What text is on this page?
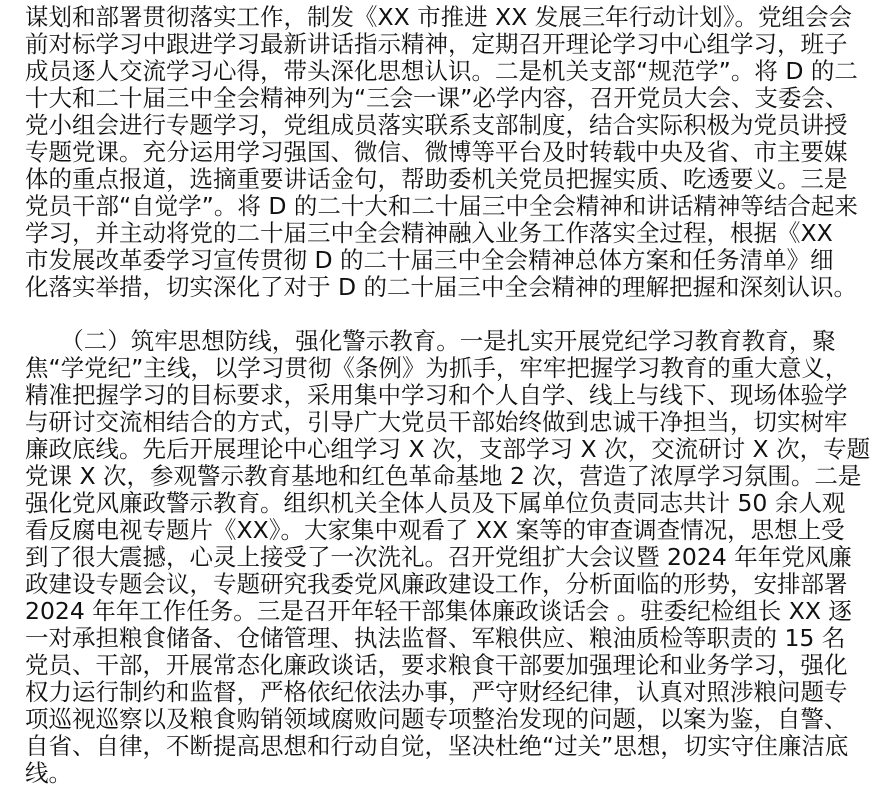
谋划和部署贯彻落实工作，制发《XX 市推进 XX 发展三年行动计划》。党组会会
前对标学习中跟进学习最新讲话指示精神，定期召开理论学习中心组学习，班子
成员逐人交流学习心得，带头深化思想认识。二是机关支部“规范学”。将 D 的二
十大和二十届三中全会精神列为“三会一课”必学内容，召开党员大会、支委会、
党小组会进行专题学习，党组成员落实联系支部制度，结合实际积极为党员讲授
专题党课。充分运用学习强国、微信、微博等平台及时转载中央及省、市主要媒
体的重点报道，选摘重要讲话金句，帮助委机关党员把握实质、吃透要义。三是
党员干部“自觉学”。将 D 的二十大和二十届三中全会精神和讲话精神等结合起来
学习，并主动将党的二十届三中全会精神融入业务工作落实全过程，根据《XX
市发展改革委学习宣传贯彻 D 的二十届三中全会精神总体方案和任务清单》细
化落实举措，切实深化了对于 D 的二十届三中全会精神的理解把握和深刻认识。
　　（二）筑牢思想防线，强化警示教育。一是扎实开展党纪学习教育教育，聚
焦“学党纪”主线，以学习贯彻《条例》为抓手，牢牢把握学习教育的重大意义，
精准把握学习的目标要求，采用集中学习和个人自学、线上与线下、现场体验学
与研讨交流相结合的方式，引导广大党员干部始终做到忠诚干净担当，切实树牢
廉政底线。先后开展理论中心组学习 X 次，支部学习 X 次，交流研讨 X 次，专题
党课 X 次，参观警示教育基地和红色革命基地 2 次，营造了浓厚学习氛围。二是
强化党风廉政警示教育。组织机关全体人员及下属单位负责同志共计 50 余人观
看反腐电视专题片《XX》。大家集中观看了 XX 案等的审查调查情况，思想上受
到了很大震撼，心灵上接受了一次洗礼。召开党组扩大会议暨 2024 年年党风廉
政建设专题会议，专题研究我委党风廉政建设工作，分析面临的形势，安排部署
2024 年年工作任务。三是召开年轻干部集体廉政谈话会 。驻委纪检组长 XX 逐
一对承担粮食储备、仓储管理、执法监督、军粮供应、粮油质检等职责的 15 名
党员、干部，开展常态化廉政谈话，要求粮食干部要加强理论和业务学习，强化
权力运行制约和监督，严格依纪依法办事，严守财经纪律，认真对照涉粮问题专
项巡视巡察以及粮食购销领域腐败问题专项整治发现的问题，以案为鉴，自警、
自省、自律，不断提高思想和行动自觉，坚决杜绝“过关”思想，切实守住廉洁底
线。
